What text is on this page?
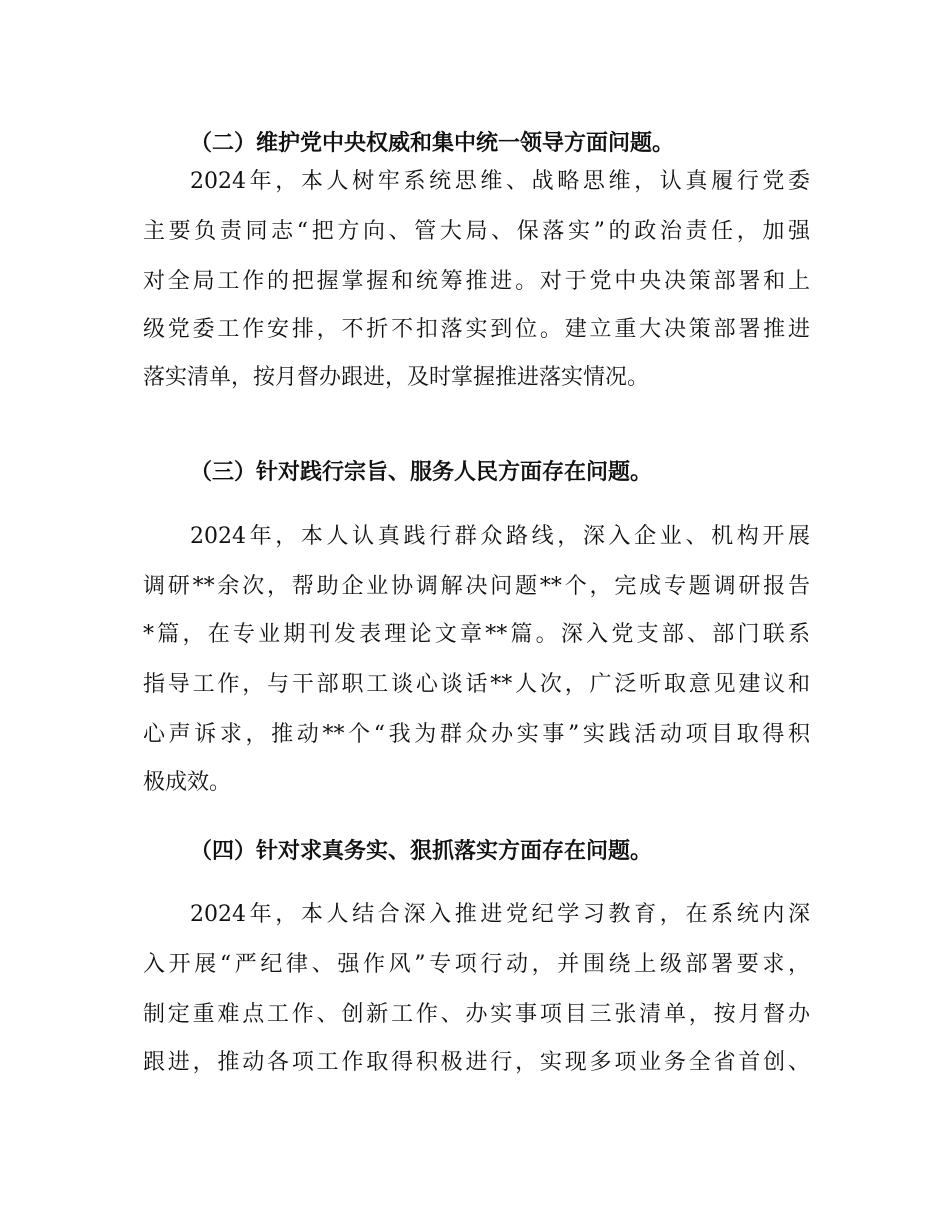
（二）维护党中央权威和集中统一领导方面问题。
2024年，本人树牢系统思维、战略思维，认真履行党委
主要负责同志“把方向、管大局、保落实”的政治责任，加强
对全局工作的把握掌握和统筹推进。对于党中央决策部署和上
级党委工作安排，不折不扣落实到位。建立重大决策部署推进
落实清单，按月督办跟进，及时掌握推进落实情况。
（三）针对践行宗旨、服务人民方面存在问题。
2024年，本人认真践行群众路线，深入企业、机构开展
调研**余次，帮助企业协调解决问题**个，完成专题调研报告
*篇，在专业期刊发表理论文章**篇。深入党支部、部门联系
指导工作，与干部职工谈心谈话**人次，广泛听取意见建议和
心声诉求，推动**个“我为群众办实事”实践活动项目取得积
极成效。
（四）针对求真务实、狠抓落实方面存在问题。
2024年，本人结合深入推进党纪学习教育，在系统内深
入开展“严纪律、强作风”专项行动，并围绕上级部署要求，
制定重难点工作、创新工作、办实事项目三张清单，按月督办
跟进，推动各项工作取得积极进行，实现多项业务全省首创、
